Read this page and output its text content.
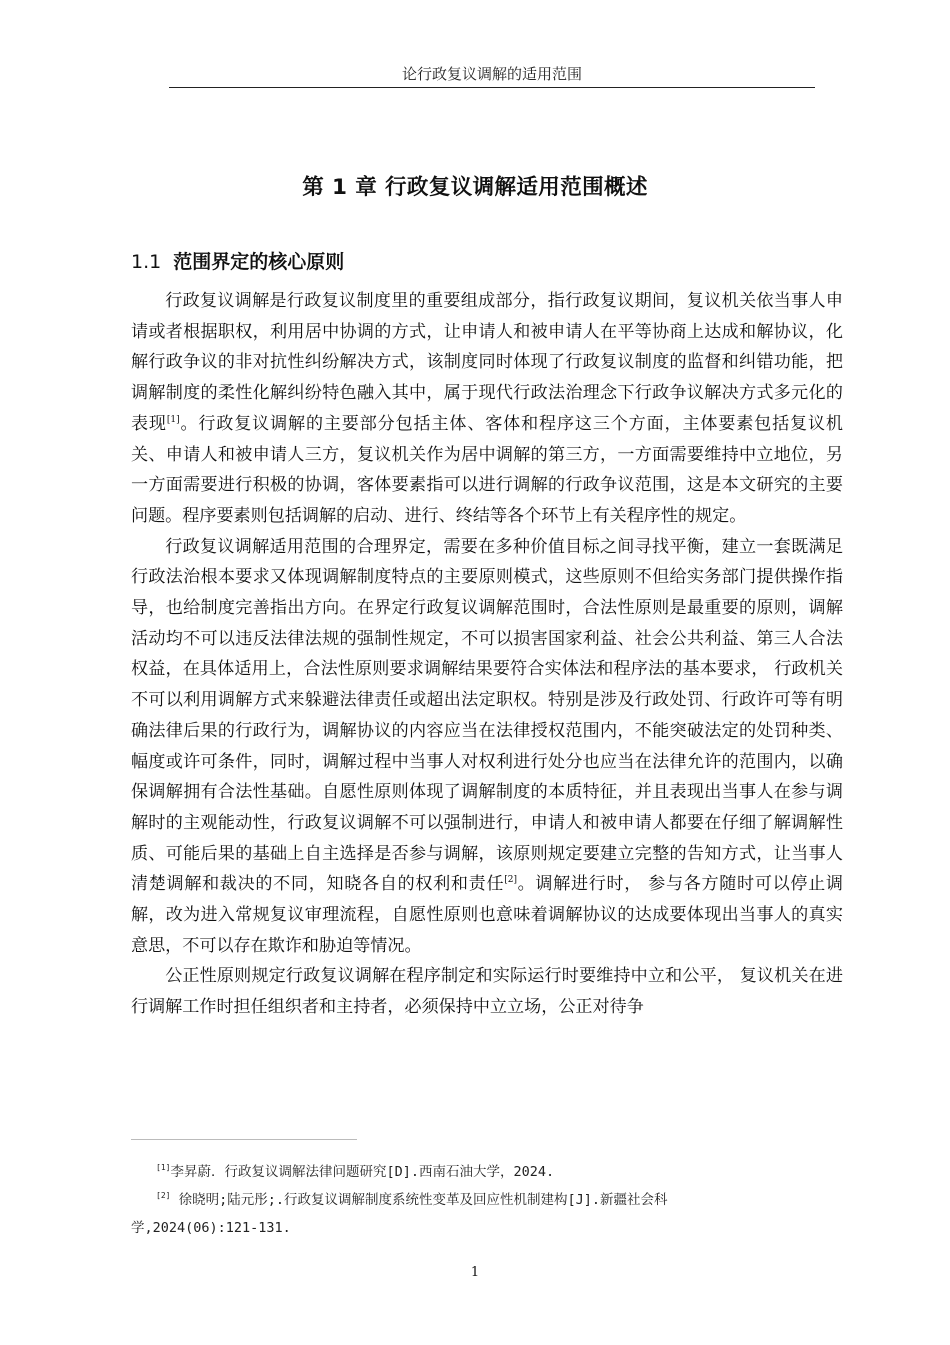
论行政复议调解的适用范围
第 1 章 行政复议调解适用范围概述
1.1 范围界定的核心原则

行政复议调解是行政复议制度里的重要组成部分，指行政复议期间，复议机关依当事人申请或者根据职权，利用居中协调的方式，让申请人和被申请人在平等协商上达成和解协议，化解行政争议的非对抗性纠纷解决方式，该制度同时体现了行政复议制度的监督和纠错功能，把调解制度的柔性化解纠纷特色融入其中，属于现代行政法治理念下行政争议解决方式多元化的表现[1]。行政复议调解的主要部分包括主体、客体和程序这三个方面，主体要素包括复议机关、申请人和被申请人三方，复议机关作为居中调解的第三方，一方面需要维持中立地位，另一方面需要进行积极的协调，客体要素指可以进行调解的行政争议范围，这是本文研究的主要问题。程序要素则包括调解的启动、进行、终结等各个环节上有关程序性的规定。

行政复议调解适用范围的合理界定，需要在多种价值目标之间寻找平衡，建立一套既满足行政法治根本要求又体现调解制度特点的主要原则模式，这些原则不但给实务部门提供操作指导，也给制度完善指出方向。在界定行政复议调解范围时，合法性原则是最重要的原则，调解活动均不可以违反法律法规的强制性规定，不可以损害国家利益、社会公共利益、第三人合法权益，在具体适用上，合法性原则要求调解结果要符合实体法和程序法的基本要求， 行政机关不可以利用调解方式来躲避法律责任或超出法定职权。特别是涉及行政处罚、行政许可等有明确法律后果的行政行为，调解协议的内容应当在法律授权范围内，不能突破法定的处罚种类、幅度或许可条件，同时，调解过程中当事人对权利进行处分也应当在法律允许的范围内，以确保调解拥有合法性基础。自愿性原则体现了调解制度的本质特征，并且表现出当事人在参与调解时的主观能动性，行政复议调解不可以强制进行，申请人和被申请人都要在仔细了解调解性质、可能后果的基础上自主选择是否参与调解，该原则规定要建立完整的告知方式，让当事人清楚调解和裁决的不同，知晓各自的权利和责任[2]。调解进行时， 参与各方随时可以停止调解，改为进入常规复议审理流程，自愿性原则也意味着调解协议的达成要体现出当事人的真实意思，不可以存在欺诈和胁迫等情况。

公正性原则规定行政复议调解在程序制定和实际运行时要维持中立和公平， 复议机关在进行调解工作时担任组织者和主持者，必须保持中立立场，公正对待争

[1]李昇蔚．行政复议调解法律问题研究[D].西南石油大学，2024.

[2] 徐晓明;陆元彤;.行政复议调解制度系统性变革及回应性机制建构[J].新疆社会科

学,2024(06):121-131.

1
